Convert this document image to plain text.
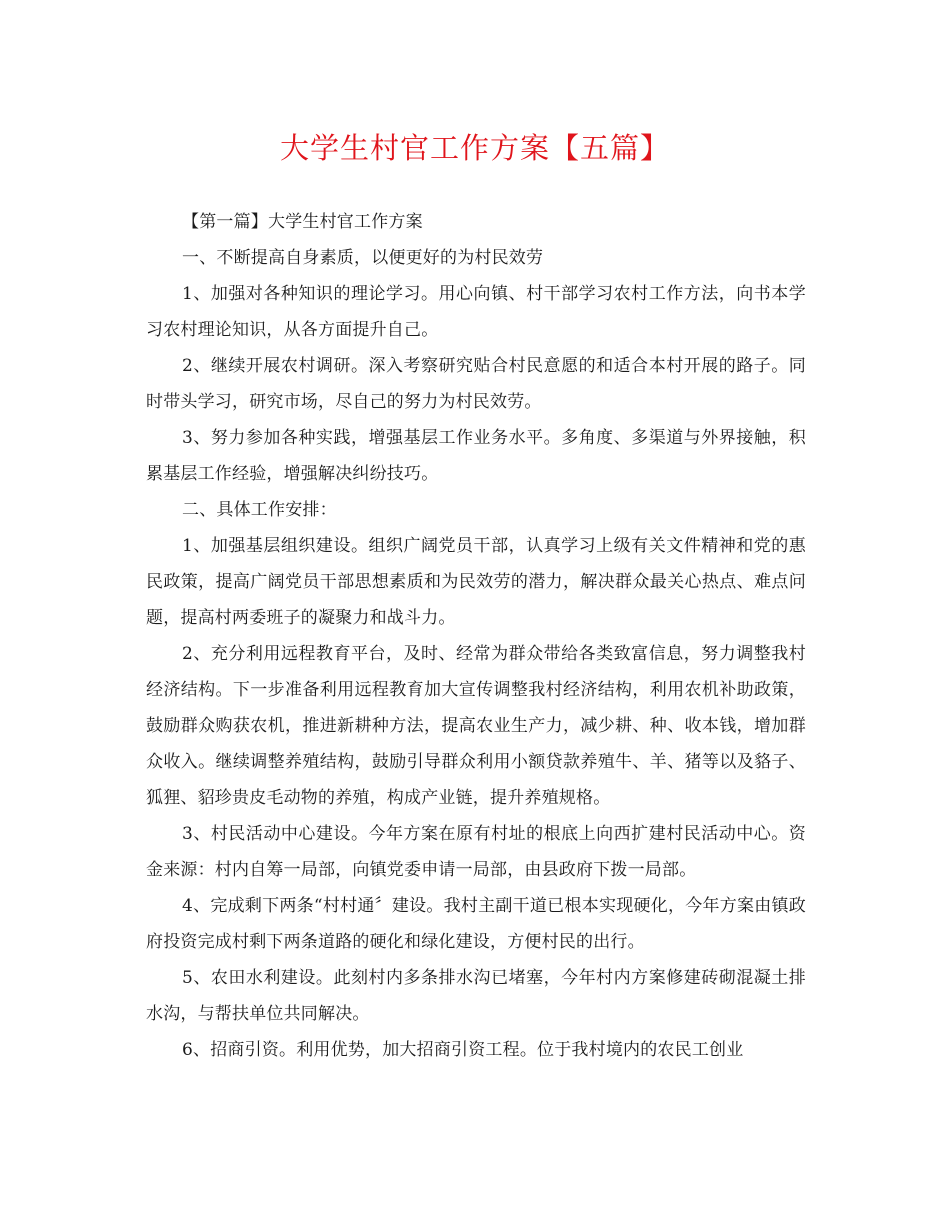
大学生村官工作方案【五篇】

【第一篇】大学生村官工作方案

一、不断提高自身素质，以便更好的为村民效劳

1、加强对各种知识的理论学习。用心向镇、村干部学习农村工作方法，向书本学习农村理论知识，从各方面提升自己。

2、继续开展农村调研。深入考察研究贴合村民意愿的和适合本村开展的路子。同时带头学习，研究市场，尽自己的努力为村民效劳。

3、努力参加各种实践，增强基层工作业务水平。多角度、多渠道与外界接触，积累基层工作经验，增强解决纠纷技巧。

二、具体工作安排：

1、加强基层组织建设。组织广阔党员干部，认真学习上级有关文件精神和党的惠民政策，提高广阔党员干部思想素质和为民效劳的潜力，解决群众最关心热点、难点问题，提高村两委班子的凝聚力和战斗力。

2、充分利用远程教育平台，及时、经常为群众带给各类致富信息，努力调整我村经济结构。下一步准备利用远程教育加大宣传调整我村经济结构，利用农机补助政策，鼓励群众购获农机，推进新耕种方法，提高农业生产力，减少耕、种、收本钱，增加群众收入。继续调整养殖结构，鼓励引导群众利用小额贷款养殖牛、羊、猪等以及貉子、狐狸、貂珍贵皮毛动物的养殖，构成产业链，提升养殖规格。

3、村民活动中心建设。今年方案在原有村址的根底上向西扩建村民活动中心。资金来源：村内自筹一局部，向镇党委申请一局部，由县政府下拨一局部。

4、完成剩下两条“村村通〞建设。我村主副干道已根本实现硬化，今年方案由镇政府投资完成村剩下两条道路的硬化和绿化建设，方便村民的出行。

5、农田水利建设。此刻村内多条排水沟已堵塞，今年村内方案修建砖砌混凝土排水沟，与帮扶单位共同解决。

6、招商引资。利用优势，加大招商引资工程。位于我村境内的农民工创业
